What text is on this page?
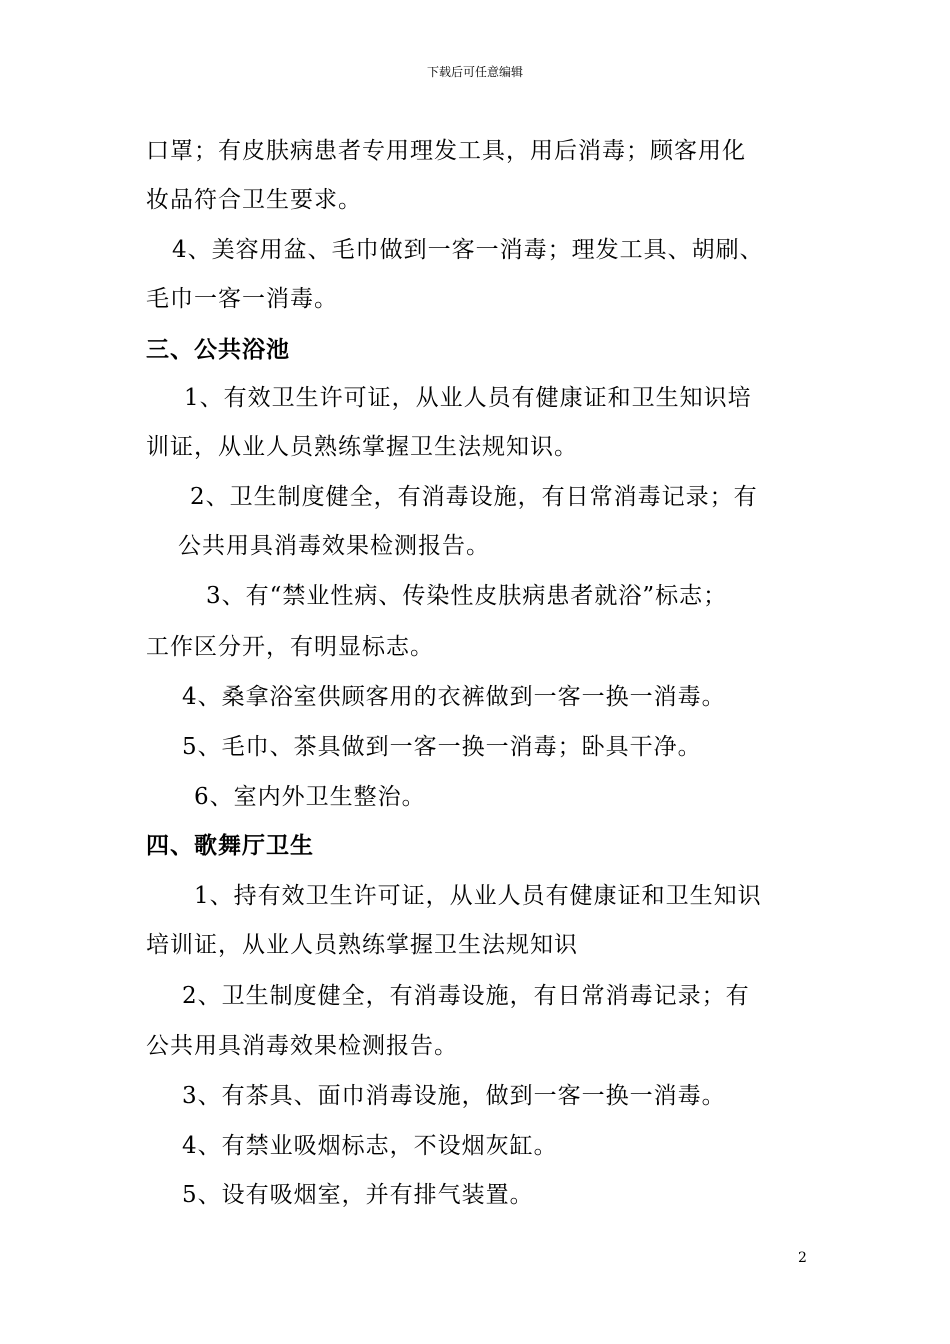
下载后可任意编辑
口罩；有皮肤病患者专用理发工具，用后消毒；顾客用化
妆品符合卫生要求。
4、美容用盆、毛巾做到一客一消毒；理发工具、胡刷、
毛巾一客一消毒。
三、公共浴池
1、有效卫生许可证，从业人员有健康证和卫生知识培
训证，从业人员熟练掌握卫生法规知识。
2、卫生制度健全，有消毒设施，有日常消毒记录；有
公共用具消毒效果检测报告。
3、有“禁业性病、传染性皮肤病患者就浴”标志；
工作区分开，有明显标志。
4、桑拿浴室供顾客用的衣裤做到一客一换一消毒。
5、毛巾、茶具做到一客一换一消毒；卧具干净。
6、室内外卫生整治。
四、歌舞厅卫生
1、持有效卫生许可证，从业人员有健康证和卫生知识
培训证，从业人员熟练掌握卫生法规知识
2、卫生制度健全，有消毒设施，有日常消毒记录；有
公共用具消毒效果检测报告。
3、有茶具、面巾消毒设施，做到一客一换一消毒。
4、有禁业吸烟标志，不设烟灰缸。
5、设有吸烟室，并有排气装置。
2
